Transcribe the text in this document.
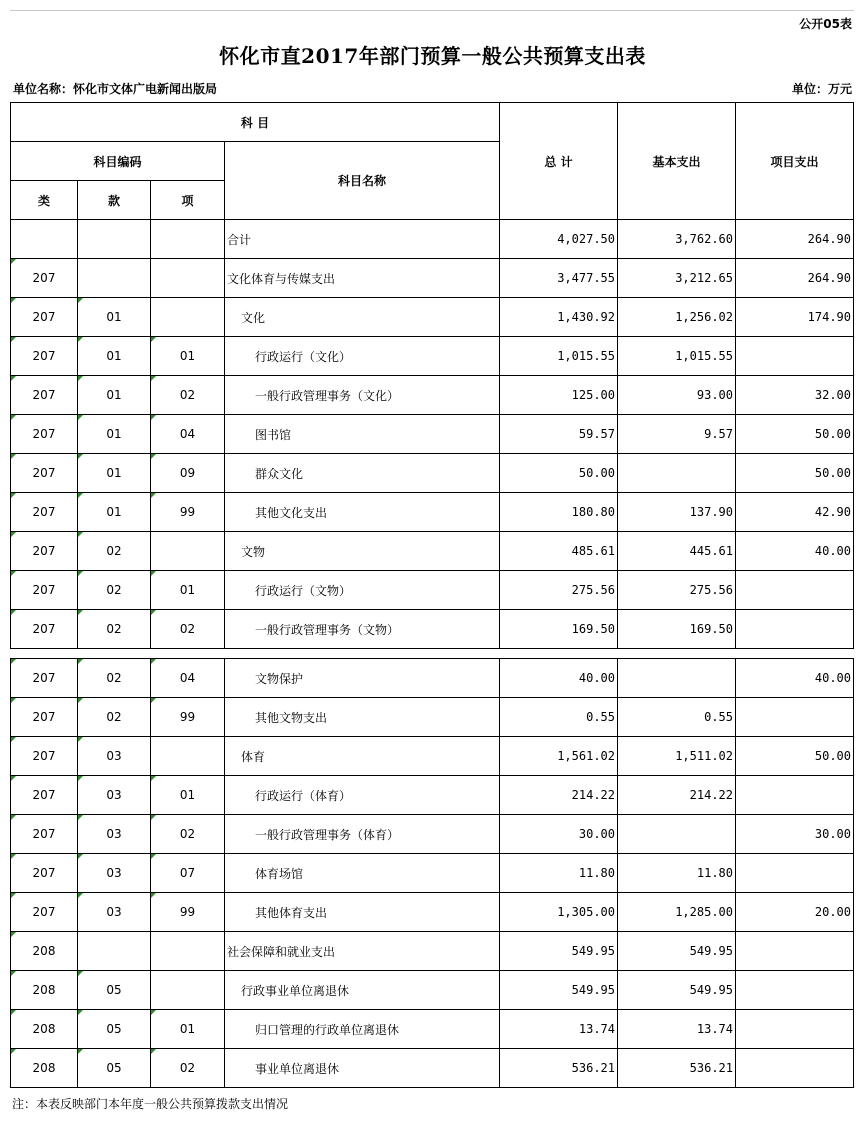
公开05表
怀化市直2017年部门预算一般公共预算支出表
单位名称：怀化市文体广电新闻出版局	单位：万元
科 目				总 计	基本支出	项目支出
科目编码			科目名称			
类	款	项				
			合计	4,027.50	3,762.60	264.90
207			文化体育与传媒支出	3,477.55	3,212.65	264.90
207	01		文化	1,430.92	1,256.02	174.90
207	01	01	行政运行（文化）	1,015.55	1,015.55	
207	01	02	一般行政管理事务（文化）	125.00	93.00	32.00
207	01	04	图书馆	59.57	9.57	50.00
207	01	09	群众文化	50.00		50.00
207	01	99	其他文化支出	180.80	137.90	42.90
207	02		文物	485.61	445.61	40.00
207	02	01	行政运行（文物）	275.56	275.56	
207	02	02	一般行政管理事务（文物）	169.50	169.50	
207	02	04	文物保护	40.00		40.00
207	02	99	其他文物支出	0.55	0.55	
207	03		体育	1,561.02	1,511.02	50.00
207	03	01	行政运行（体育）	214.22	214.22	
207	03	02	一般行政管理事务（体育）	30.00		30.00
207	03	07	体育场馆	11.80	11.80	
207	03	99	其他体育支出	1,305.00	1,285.00	20.00
208			社会保障和就业支出	549.95	549.95	
208	05		行政事业单位离退休	549.95	549.95	
208	05	01	归口管理的行政单位离退休	13.74	13.74	
208	05	02	事业单位离退休	536.21	536.21	
注：本表反映部门本年度一般公共预算拨款支出情况
